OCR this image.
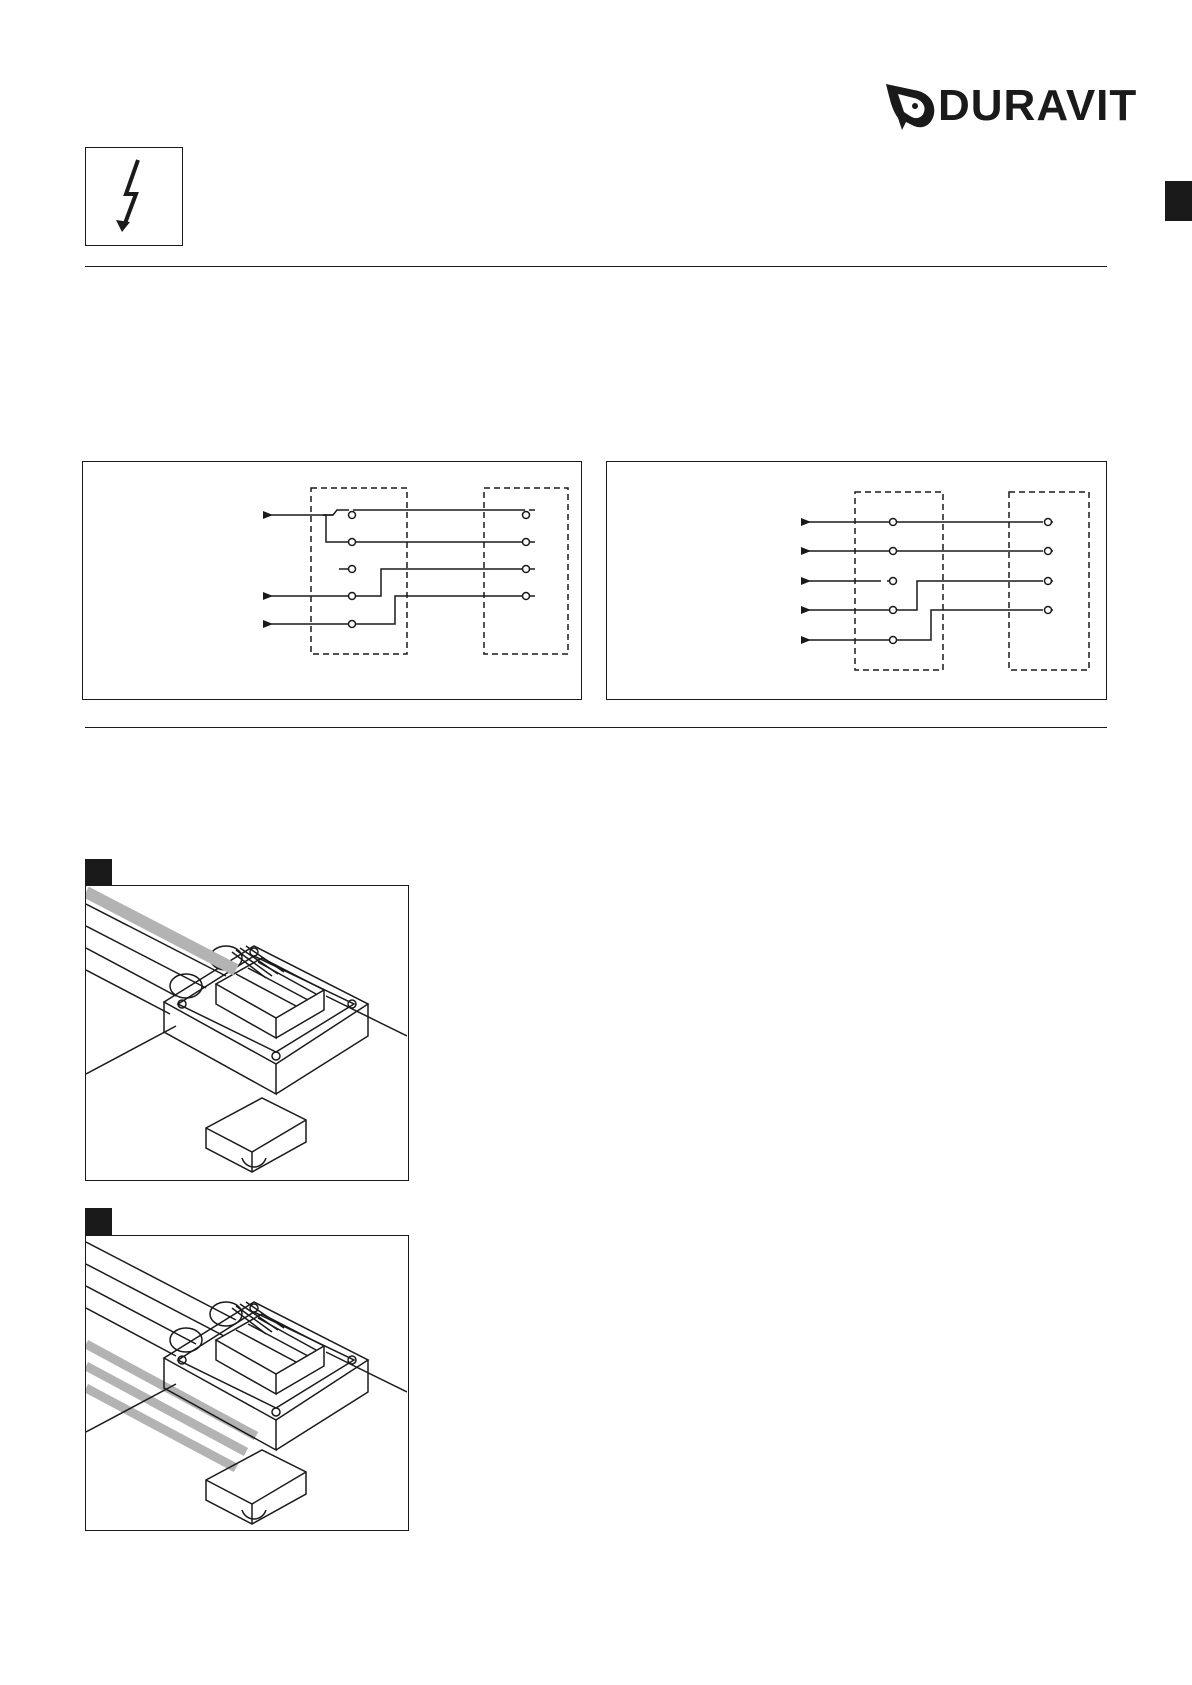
DURAVIT
